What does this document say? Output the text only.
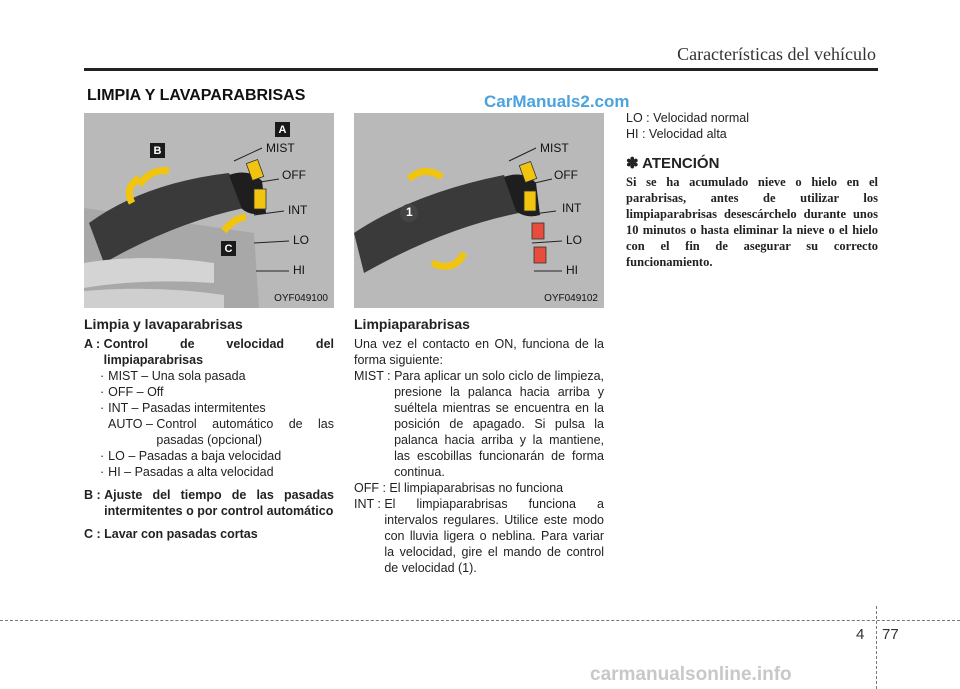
Características del vehículo
LIMPIA Y LAVAPARABRISAS	CarManuals2.com
MIST
OFF
INT
LO
HI
A
B
C
OYF049100
MIST
OFF
INT
LO
HI
1
OYF049102
Limpia y lavaparabrisas
A : Control de velocidad del limpiaparabrisas
· MIST – Una sola pasada
· OFF – Off
· INT – Pasadas intermitentes
AUTO – Control automático de las pasadas (opcional)
· LO – Pasadas a baja velocidad
· HI – Pasadas a alta velocidad
B : Ajuste del tiempo de las pasadas intermitentes o por control automático
C : Lavar con pasadas cortas
Limpiaparabrisas
Una vez el contacto en ON, funciona de la forma siguiente:
MIST : Para aplicar un solo ciclo de limpieza, presione la palanca hacia arriba y suéltela mientras se encuentra en la posición de apagado. Si pulsa la palanca hacia arriba y la mantiene, las escobillas funcionarán de forma continua.
OFF : El limpiaparabrisas no funciona
INT : El limpiaparabrisas funciona a intervalos regulares. Utilice este modo con lluvia ligera o neblina. Para variar la velocidad, gire el mando de control de velocidad (1).
LO : Velocidad normal
HI : Velocidad alta
✽ ATENCIÓN
Si se ha acumulado nieve o hielo en el parabrisas, antes de utilizar los limpiaparabrisas desescárchelo durante unos 10 minutos o hasta eliminar la nieve o el hielo con el fin de asegurar su correcto funcionamiento.
4 77
carmanualsonline.info
